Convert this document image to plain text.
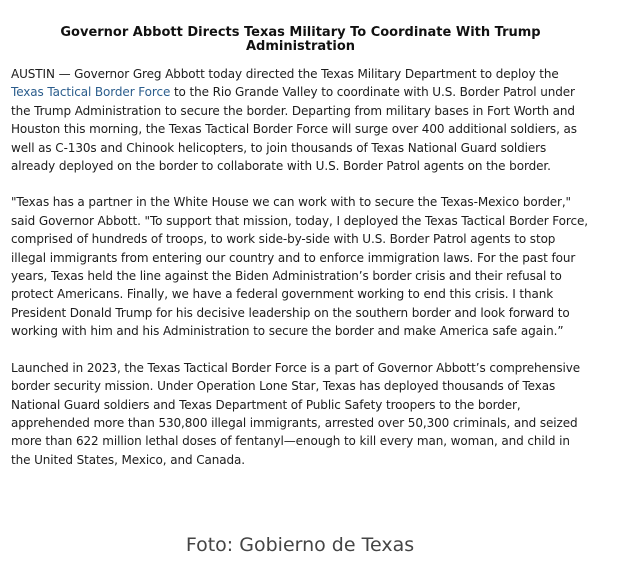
Governor Abbott Directs Texas Military To Coordinate With Trump Administration

AUSTIN — Governor Greg Abbott today directed the Texas Military Department to deploy the Texas Tactical Border Force to the Rio Grande Valley to coordinate with U.S. Border Patrol under the Trump Administration to secure the border. Departing from military bases in Fort Worth and Houston this morning, the Texas Tactical Border Force will surge over 400 additional soldiers, as well as C-130s and Chinook helicopters, to join thousands of Texas National Guard soldiers already deployed on the border to collaborate with U.S. Border Patrol agents on the border.

"Texas has a partner in the White House we can work with to secure the Texas-Mexico border," said Governor Abbott. "To support that mission, today, I deployed the Texas Tactical Border Force, comprised of hundreds of troops, to work side-by-side with U.S. Border Patrol agents to stop illegal immigrants from entering our country and to enforce immigration laws. For the past four years, Texas held the line against the Biden Administration’s border crisis and their refusal to protect Americans. Finally, we have a federal government working to end this crisis. I thank President Donald Trump for his decisive leadership on the southern border and look forward to working with him and his Administration to secure the border and make America safe again.”

Launched in 2023, the Texas Tactical Border Force is a part of Governor Abbott’s comprehensive border security mission. Under Operation Lone Star, Texas has deployed thousands of Texas National Guard soldiers and Texas Department of Public Safety troopers to the border, apprehended more than 530,800 illegal immigrants, arrested over 50,300 criminals, and seized more than 622 million lethal doses of fentanyl—enough to kill every man, woman, and child in the United States, Mexico, and Canada.

Foto: Gobierno de Texas
